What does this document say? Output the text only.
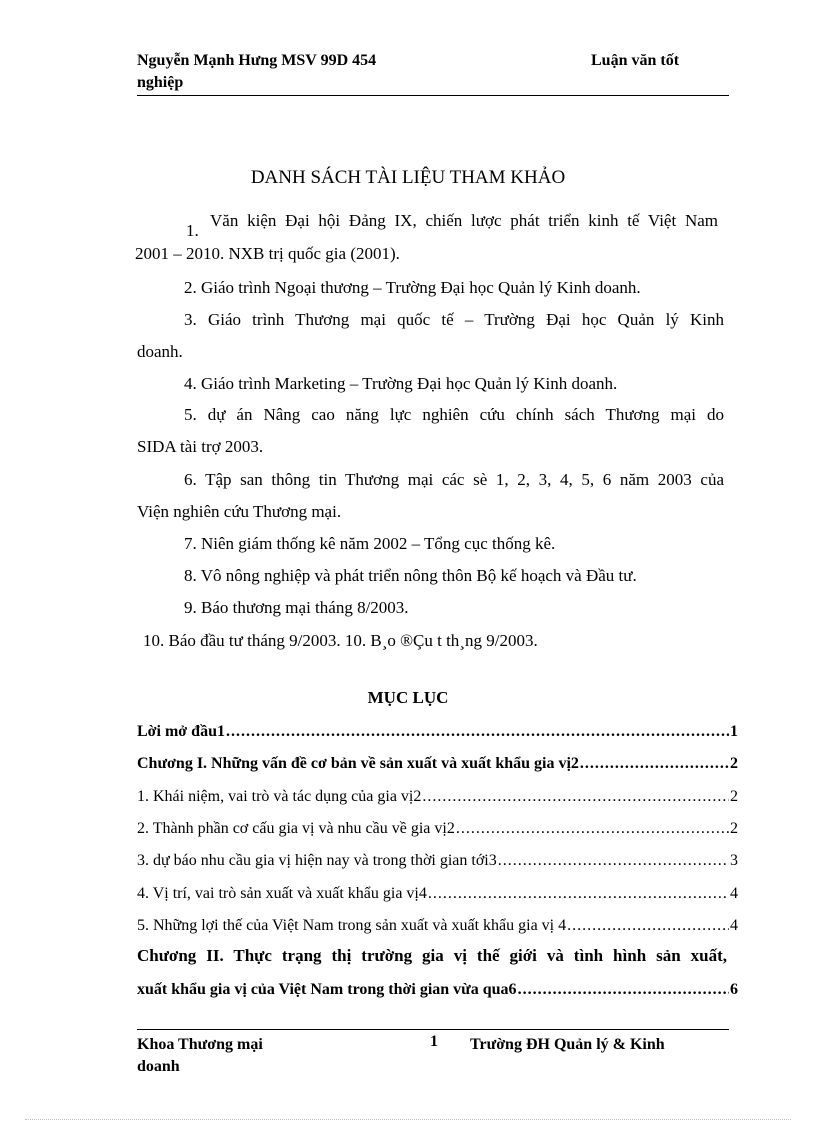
Nguyễn Mạnh Hưng MSV 99D 454	Luận văn tốt
nghiệp
DANH SÁCH TÀI LIỆU THAM KHẢO
1.
Văn kiện Đại hội Đảng IX, chiến lược phát triển kinh tế Việt Nam
2001 – 2010. NXB trị quốc gia (2001).
2. Giáo trình Ngoại thương – Trường Đại học Quản lý Kinh doanh.
3. Giáo trình Thương mại quốc tế – Trường Đại học Quản lý Kinh
doanh.
4. Giáo trình Marketing – Trường Đại học Quản lý Kinh doanh.
5. dự án Nâng cao năng lực nghiên cứu chính sách Thương mại do
SIDA tài trợ 2003.
6. Tập san thông tin Thương mại các sè 1, 2, 3, 4, 5, 6 năm 2003 của
Viện nghiên cứu Thương mại.
7. Niên giám thống kê năm 2002 – Tổng cục thống kê.
8. Vô nông nghiệp và phát triển nông thôn Bộ kế hoạch và Đầu tư.
9. Báo thương mại tháng 8/2003.
10. Báo đầu tư tháng 9/2003. 10. B¸o ®Çu t th¸ng 9/2003.
MỤC LỤC
Lời mở đầu1 .....	1
Chương I. Những vấn đề cơ bản về sản xuất và xuất khẩu gia vị2 .....	2
1. Khái niệm, vai trò và tác dụng của gia vị2 .....	2
2. Thành phần cơ cấu gia vị và nhu cầu về gia vị2 .....	2
3. dự báo nhu cầu gia vị hiện nay và trong thời gian tới3 .....	3
4. Vị trí, vai trò sản xuất và xuất khẩu gia vị4 .....	4
5. Những lợi thế của Việt Nam trong sản xuất và xuất khẩu gia vị 4 .....	4
Chương II. Thực trạng thị trường gia vị thế giới và tình hình sản xuất,
xuất khẩu gia vị của Việt Nam trong thời gian vừa qua6 .....	6
Khoa Thương mại	1 Trường ĐH Quản lý & Kinh
doanh
